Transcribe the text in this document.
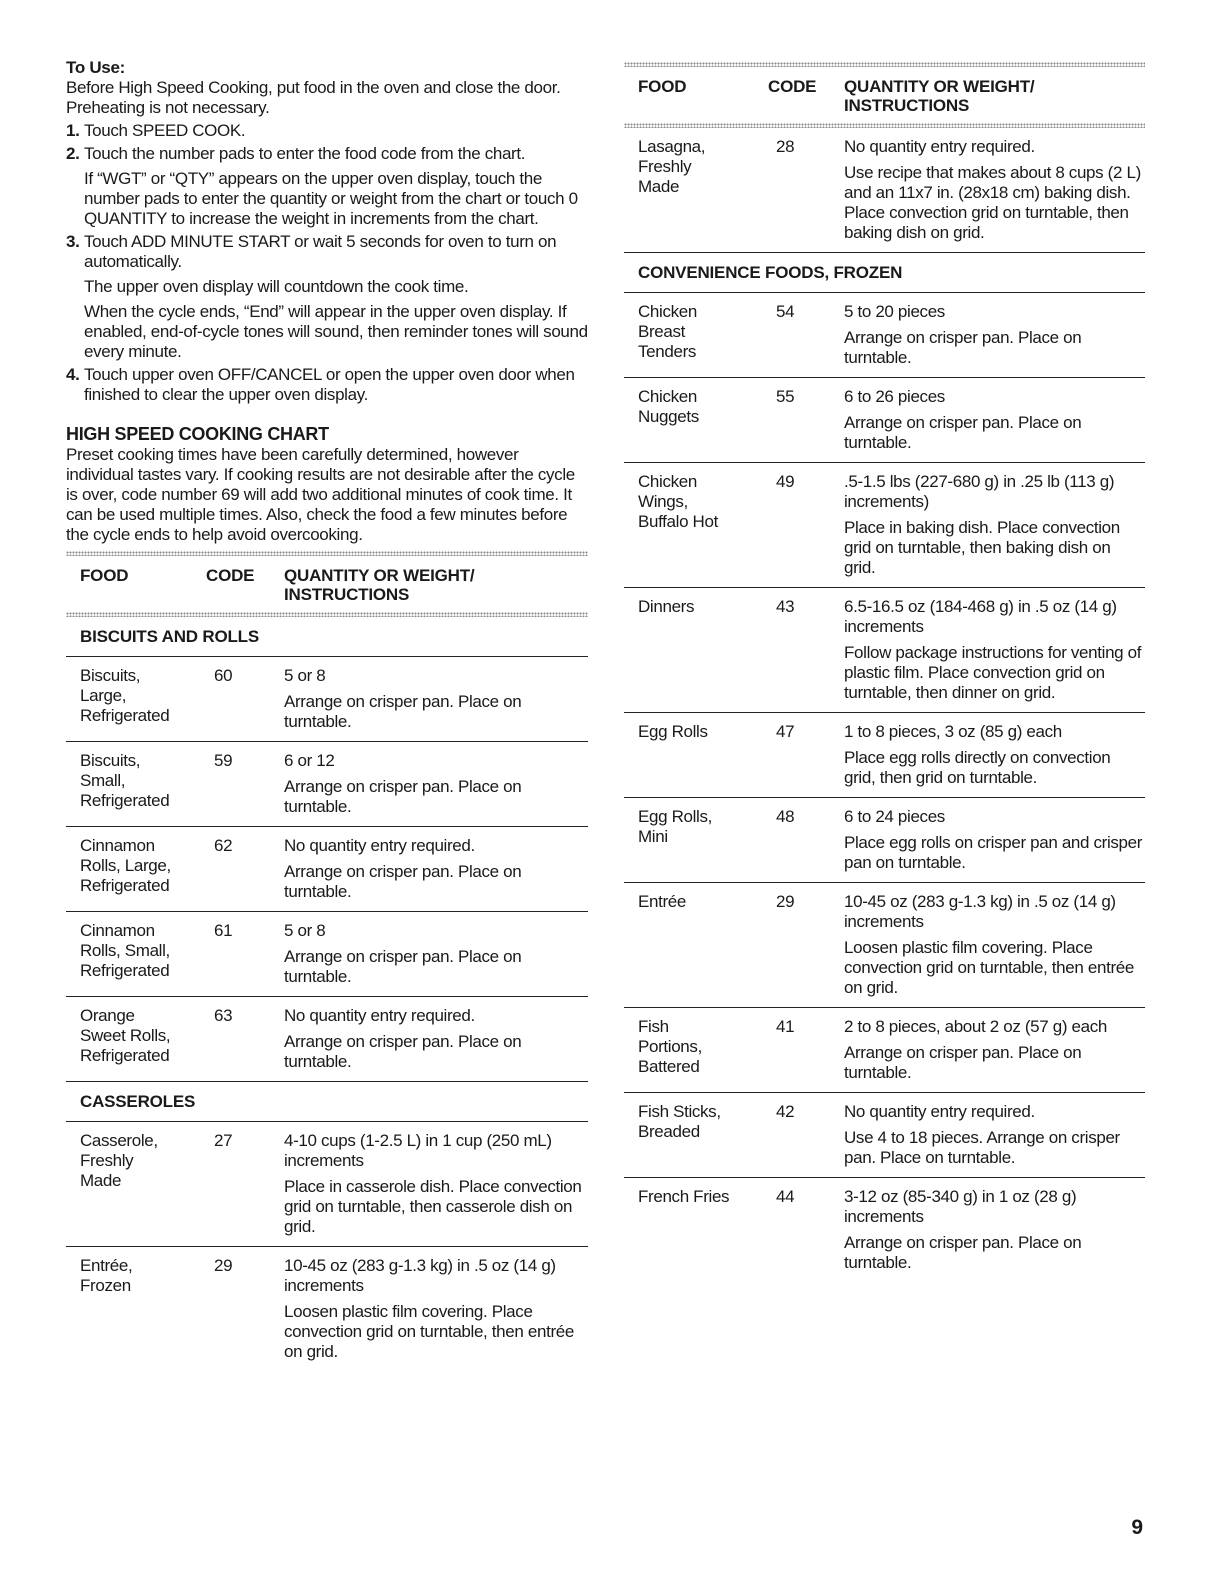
To Use:

Before High Speed Cooking, put food in the oven and close the door. Preheating is not necessary.

1. Touch SPEED COOK.

2. Touch the number pads to enter the food code from the chart.

If “WGT” or “QTY” appears on the upper oven display, touch the number pads to enter the quantity or weight from the chart or touch 0 QUANTITY to increase the weight in increments from the chart.

3. Touch ADD MINUTE START or wait 5 seconds for oven to turn on automatically.

The upper oven display will countdown the cook time.

When the cycle ends, “End” will appear in the upper oven display. If enabled, end-of-cycle tones will sound, then reminder tones will sound every minute.

4. Touch upper oven OFF/CANCEL or open the upper oven door when finished to clear the upper oven display.

HIGH SPEED COOKING CHART

Preset cooking times have been carefully determined, however individual tastes vary. If cooking results are not desirable after the cycle is over, code number 69 will add two additional minutes of cook time. It can be used multiple times. Also, check the food a few minutes before the cycle ends to help avoid overcooking.

FOOD	CODE	QUANTITY OR WEIGHT/
INSTRUCTIONS
BISCUITS AND ROLLS
Biscuits,
Large,
Refrigerated
60	5 or 8

Arrange on crisper pan. Place on turntable.

Biscuits,
Small,
Refrigerated
59	6 or 12

Arrange on crisper pan. Place on turntable.

Cinnamon
Rolls, Large,
Refrigerated
62	No quantity entry required.

Arrange on crisper pan. Place on turntable.

Cinnamon
Rolls, Small,
Refrigerated
61	5 or 8

Arrange on crisper pan. Place on turntable.

Orange
Sweet Rolls,
Refrigerated
63	No quantity entry required.

Arrange on crisper pan. Place on turntable.

CASSEROLES
Casserole,
Freshly
Made
27	4-10 cups (1-2.5 L) in 1 cup (250 mL) increments

Place in casserole dish. Place convection grid on turntable, then casserole dish on grid.

Entrée,
Frozen
29	10-45 oz (283 g-1.3 kg) in .5 oz (14 g) increments

Loosen plastic film covering. Place convection grid on turntable, then entrée on grid.

FOOD	CODE	QUANTITY OR WEIGHT/
INSTRUCTIONS
Lasagna,
Freshly
Made
28	No quantity entry required.

Use recipe that makes about 8 cups (2 L) and an 11x7 in. (28x18 cm) baking dish. Place convection grid on turntable, then baking dish on grid.

CONVENIENCE FOODS, FROZEN
Chicken
Breast
Tenders
54	5 to 20 pieces

Arrange on crisper pan. Place on turntable.

Chicken
Nuggets
55	6 to 26 pieces

Arrange on crisper pan. Place on turntable.

Chicken
Wings,
Buffalo Hot
49	.5-1.5 lbs (227-680 g) in .25 lb (113 g) increments)

Place in baking dish. Place convection grid on turntable, then baking dish on grid.

Dinners	43	6.5-16.5 oz (184-468 g) in .5 oz (14 g) increments

Follow package instructions for venting of plastic film. Place convection grid on turntable, then dinner on grid.

Egg Rolls	47	1 to 8 pieces, 3 oz (85 g) each

Place egg rolls directly on convection grid, then grid on turntable.

Egg Rolls,
Mini
48	6 to 24 pieces

Place egg rolls on crisper pan and crisper pan on turntable.

Entrée	29	10-45 oz (283 g-1.3 kg) in .5 oz (14 g) increments

Loosen plastic film covering. Place convection grid on turntable, then entrée on grid.

Fish
Portions,
Battered
41	2 to 8 pieces, about 2 oz (57 g) each

Arrange on crisper pan. Place on turntable.

Fish Sticks,
Breaded
42	No quantity entry required.

Use 4 to 18 pieces. Arrange on crisper pan. Place on turntable.

French Fries	44	3-12 oz (85-340 g) in 1 oz (28 g) increments

Arrange on crisper pan. Place on turntable.

9
